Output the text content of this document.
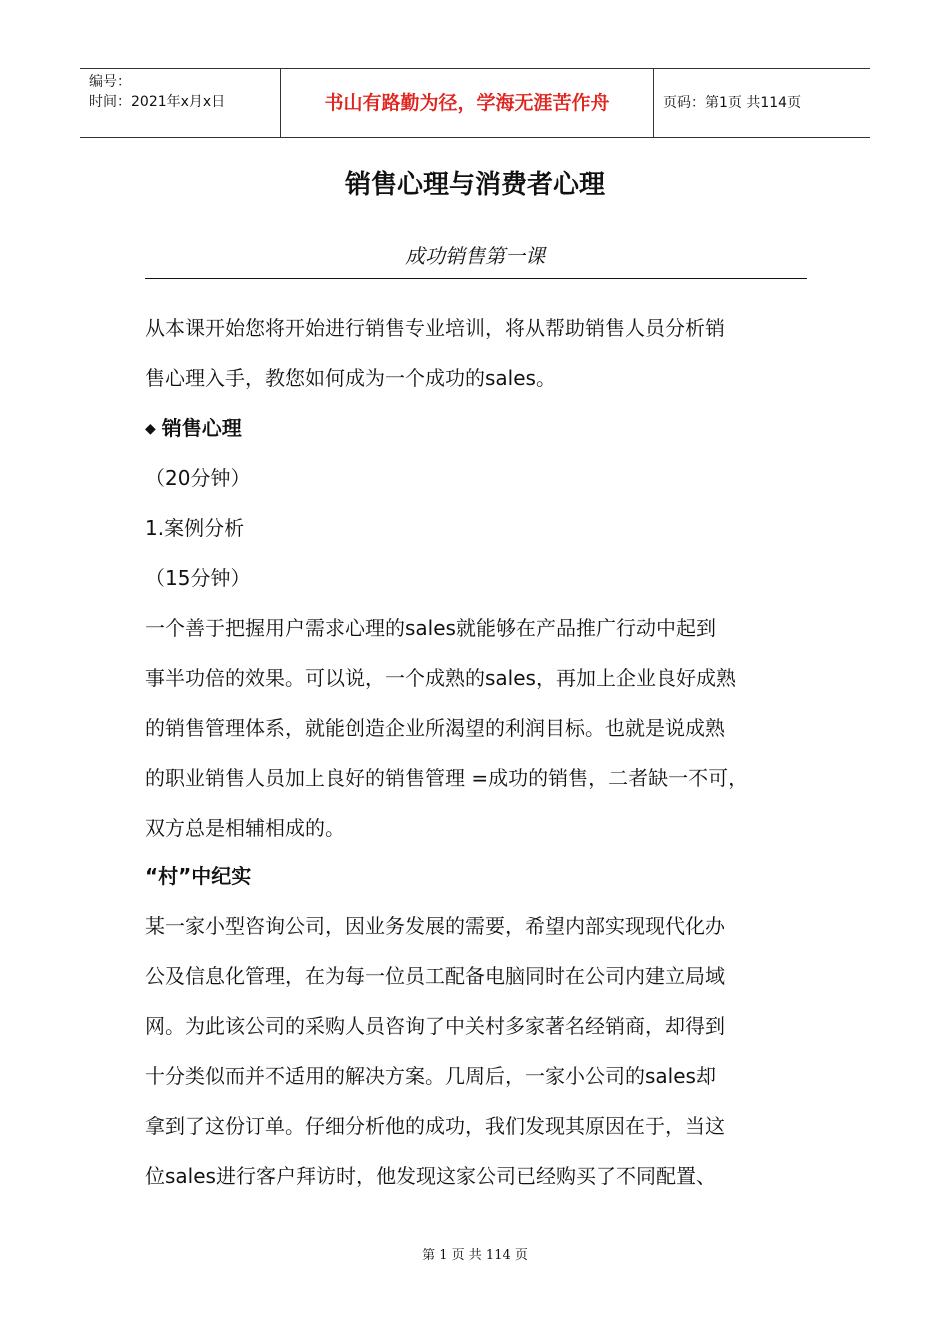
编号：
时间：2021年x月x日	书山有路勤为径，学海无涯苦作舟	页码：第1页 共114页
销售心理与消费者心理
成功销售第一课
从本课开始您将开始进行销售专业培训，将从帮助销售人员分析销
售心理入手，教您如何成为一个成功的sales。
◆ 销售心理
（20分钟）
1.案例分析
（15分钟）
一个善于把握用户需求心理的sales就能够在产品推广行动中起到
事半功倍的效果。可以说，一个成熟的sales，再加上企业良好成熟
的销售管理体系，就能创造企业所渴望的利润目标。也就是说成熟
的职业销售人员加上良好的销售管理 =成功的销售，二者缺一不可，
双方总是相辅相成的。
“村”中纪实
某一家小型咨询公司，因业务发展的需要，希望内部实现现代化办
公及信息化管理，在为每一位员工配备电脑同时在公司内建立局域
网。为此该公司的采购人员咨询了中关村多家著名经销商，却得到
十分类似而并不适用的解决方案。几周后，一家小公司的sales却
拿到了这份订单。仔细分析他的成功，我们发现其原因在于，当这
位sales进行客户拜访时，他发现这家公司已经购买了不同配置、
第 1 页 共 114 页
